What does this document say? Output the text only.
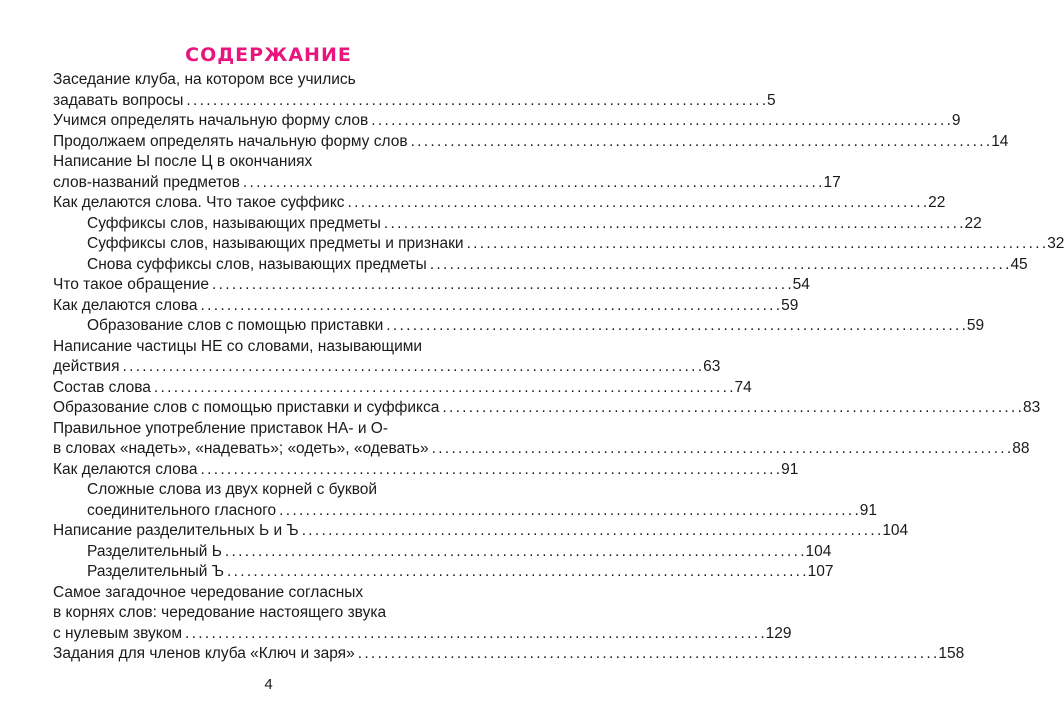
СОДЕРЖАНИЕ
Заседание клуба, на котором все учились
задавать вопросы . . .	5
Учимся определять начальную форму слов . . .	9
Продолжаем определять начальную форму слов . . .	14
Написание Ы после Ц в окончаниях
слов-названий предметов . . .	17
Как делаются слова. Что такое суффикс . . .	22
Суффиксы слов, называющих предметы . . .	22
Суффиксы слов, называющих предметы и признаки . . .	32
Снова суффиксы слов, называющих предметы . . .	45
Что такое обращение . . .	54
Как делаются слова . . .	59
Образование слов с помощью приставки . . .	59
Написание частицы НЕ со словами, называющими
действия . . .	63
Состав слова . . .	74
Образование слов с помощью приставки и суффикса . . .	83
Правильное употребление приставок НА- и О-
в словах «надеть», «надевать»; «одеть», «одевать» . . .	88
Как делаются слова . . .	91
Сложные слова из двух корней с буквой
соединительного гласного . . .	91
Написание разделительных Ь и Ъ . . .	104
Разделительный Ь . . .	104
Разделительный Ъ . . .	107
Самое загадочное чередование согласных
в корнях слов: чередование настоящего звука
с нулевым звуком . . .	129
Задания для членов клуба «Ключ и заря» . . .	158
4
